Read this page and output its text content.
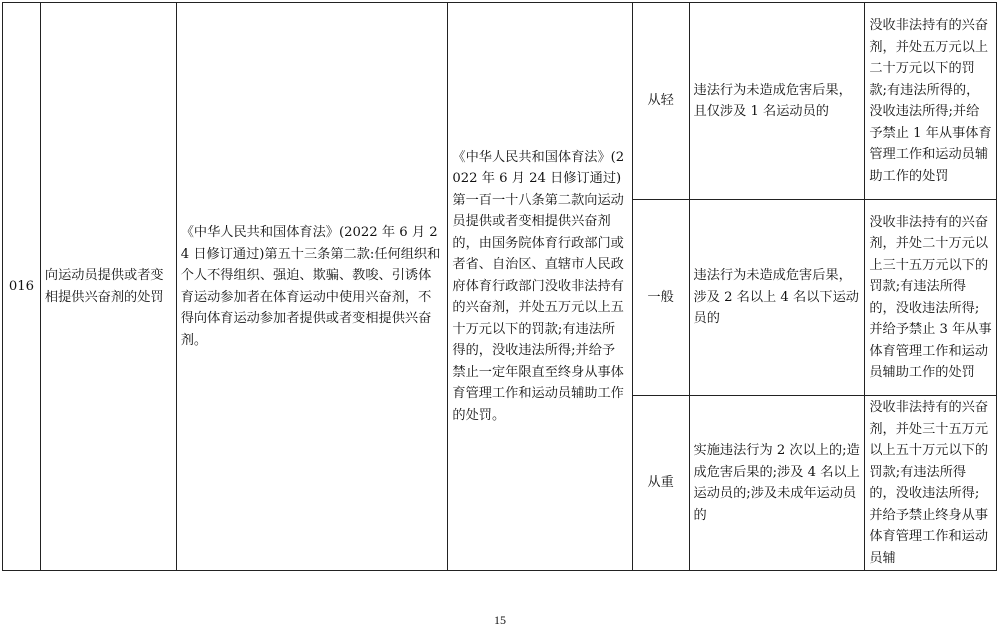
016	向运动员提供或者变相提供兴奋剂的处罚	《中华人民共和国体育法》(2022 年 6 月 24 日修订通过)第五十三条第二款:任何组织和个人不得组织、强迫、欺骗、教唆、引诱体育运动参加者在体育运动中使用兴奋剂，不得向体育运动参加者提供或者变相提供兴奋剂。	《中华人民共和国体育法》(2022 年 6 月 24 日修订通过)第一百一十八条第二款向运动员提供或者变相提供兴奋剂的，由国务院体育行政部门或者省、自治区、直辖市人民政府体育行政部门没收非法持有的兴奋剂，并处五万元以上五十万元以下的罚款;有违法所得的，没收违法所得;并给予禁止一定年限直至终身从事体育管理工作和运动员辅助工作的处罚。	从轻	违法行为未造成危害后果，且仅涉及 1 名运动员的	没收非法持有的兴奋剂，并处五万元以上二十万元以下的罚款;有违法所得的，没收违法所得;并给予禁止 1 年从事体育管理工作和运动员辅助工作的处罚
				一般	违法行为未造成危害后果，涉及 2 名以上 4 名以下运动员的	没收非法持有的兴奋剂，并处二十万元以上三十五万元以下的罚款;有违法所得的，没收违法所得;并给予禁止 3 年从事体育管理工作和运动员辅助工作的处罚
				从重	实施违法行为 2 次以上的;造成危害后果的;涉及 4 名以上运动员的;涉及未成年运动员的	没收非法持有的兴奋剂，并处三十五万元以上五十万元以下的罚款;有违法所得的，没收违法所得;并给予禁止终身从事体育管理工作和运动员辅
15
